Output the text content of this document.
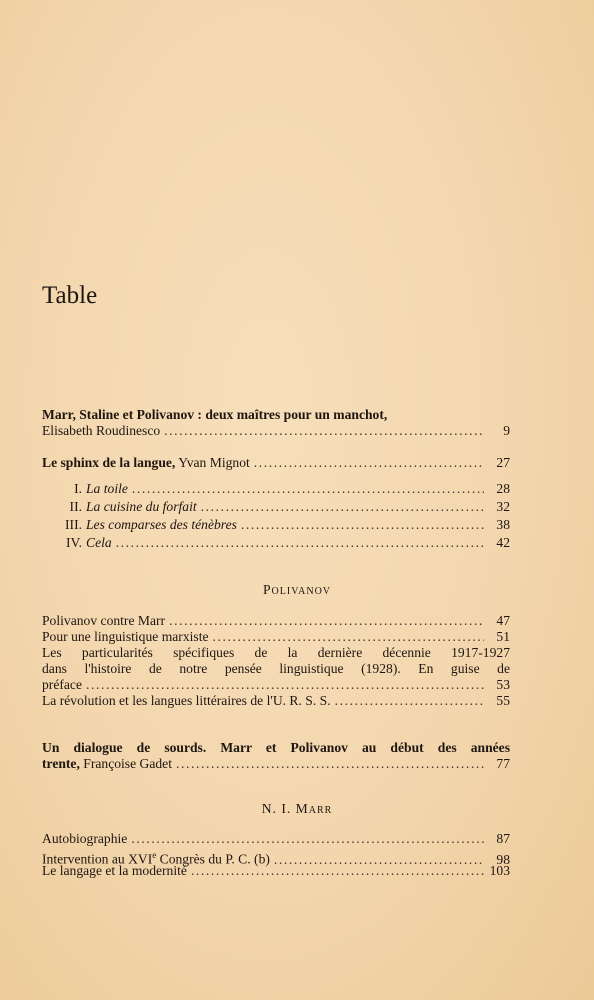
Table
Marr, Staline et Polivanov : deux maîtres pour un manchot,
Elisabeth Roudinesco .....	9
Le sphinx de la langue, Yvan Mignot .....	27
I. La toile .....	28
II. La cuisine du forfait .....	32
III. Les comparses des ténèbres .....	38
IV. Cela .....	42
Polivanov
Polivanov contre Marr .....	47
Pour une linguistique marxiste .....	51
Les particularités spécifiques de la dernière décennie 1917-1927
dans l'histoire de notre pensée linguistique (1928). En guise de
préface .....	53
La révolution et les langues littéraires de l'U. R. S. S. .....	55
Un dialogue de sourds. Marr et Polivanov au début des années
trente, Françoise Gadet .....	77
N. I. Marr
Autobiographie .....	87
Intervention au XVIe Congrès du P. C. (b) .....	98
Le langage et la modernité .....	103
